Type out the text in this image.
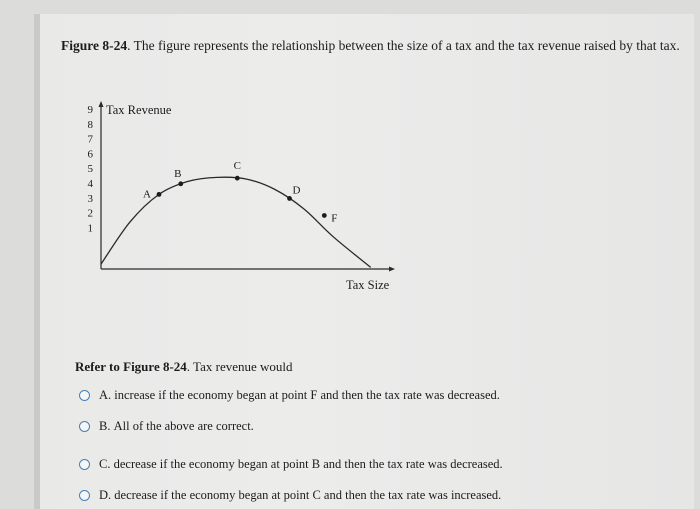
Figure 8-24. The figure represents the relationship between the size of a tax and the tax revenue raised by that tax.
9
8
7
6
5
4
3
2
1
Tax Revenue
Tax Size
A
B
C
D
F
Refer to Figure 8-24. Tax revenue would
A.
increase if the economy began at point F and then the tax rate was decreased.
B.
All of the above are correct.
C.
decrease if the economy began at point B and then the tax rate was decreased.
D.
decrease if the economy began at point C and then the tax rate was increased.
